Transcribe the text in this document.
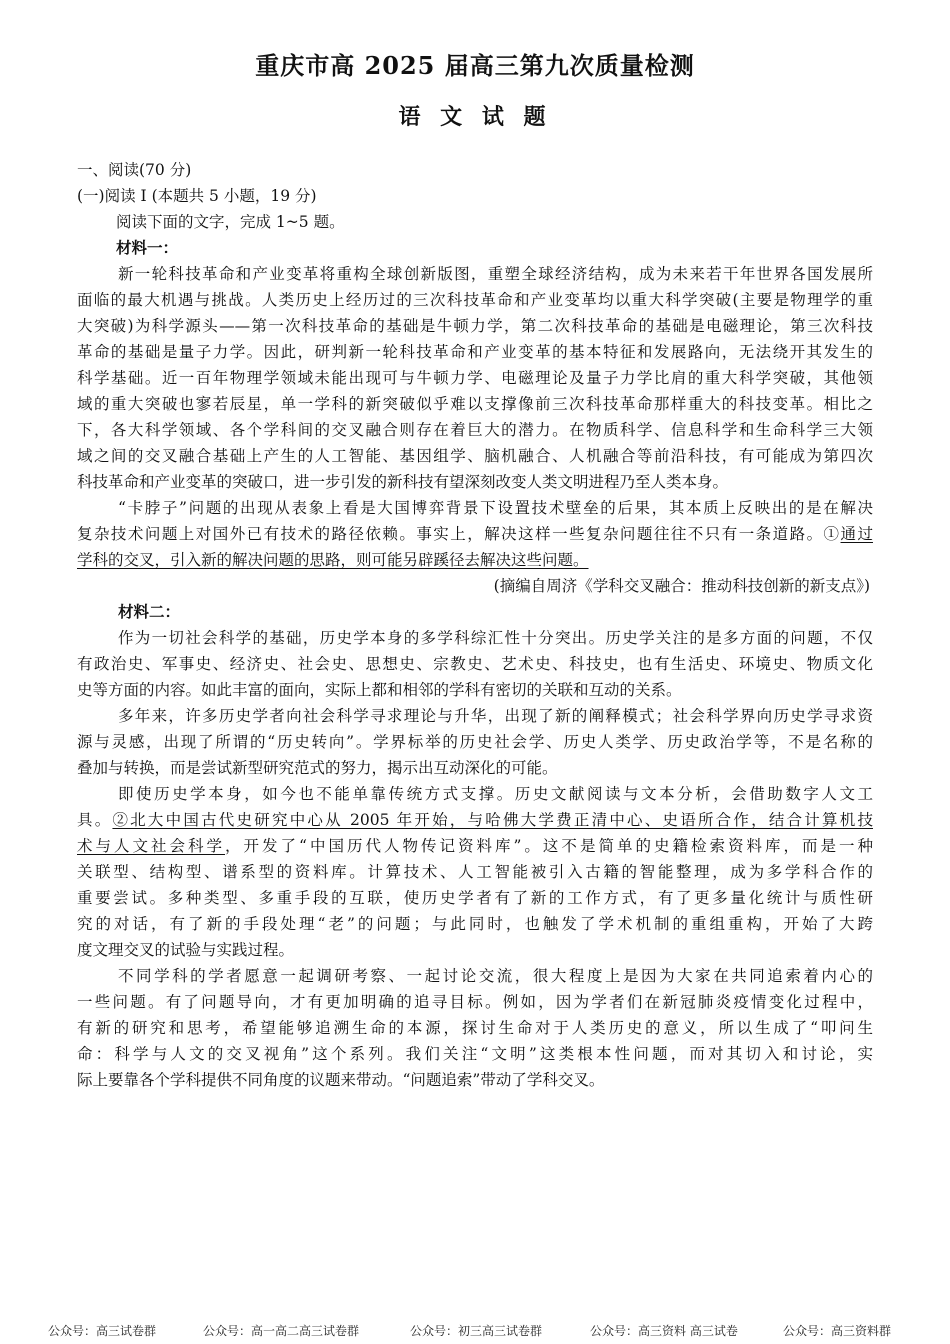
重庆市高 2025 届高三第九次质量检测
语 文 试 题
一、阅读(70 分)
(一)阅读 I (本题共 5 小题，19 分)
阅读下面的文字，完成 1~5 题。
材料一：
新一轮科技革命和产业变革将重构全球创新版图，重塑全球经济结构，成为未来若干年世界各国发展所
面临的最大机遇与挑战。人类历史上经历过的三次科技革命和产业变革均以重大科学突破(主要是物理学的重
大突破)为科学源头——第一次科技革命的基础是牛顿力学，第二次科技革命的基础是电磁理论，第三次科技
革命的基础是量子力学。因此，研判新一轮科技革命和产业变革的基本特征和发展路向，无法绕开其发生的
科学基础。近一百年物理学领域未能出现可与牛顿力学、电磁理论及量子力学比肩的重大科学突破，其他领
域的重大突破也寥若辰星，单一学科的新突破似乎难以支撑像前三次科技革命那样重大的科技变革。相比之
下，各大科学领域、各个学科间的交叉融合则存在着巨大的潜力。在物质科学、信息科学和生命科学三大领
域之间的交叉融合基础上产生的人工智能、基因组学、脑机融合、人机融合等前沿科技，有可能成为第四次
科技革命和产业变革的突破口，进一步引发的新科技有望深刻改变人类文明进程乃至人类本身。
“卡脖子”问题的出现从表象上看是大国博弈背景下设置技术壁垒的后果，其本质上反映出的是在解决
复杂技术问题上对国外已有技术的路径依赖。事实上，解决这样一些复杂问题往往不只有一条道路。①通过
学科的交叉，引入新的解决问题的思路，则可能另辟蹊径去解决这些问题。
(摘编自周济《学科交叉融合：推动科技创新的新支点》)
材料二：
作为一切社会科学的基础，历史学本身的多学科综汇性十分突出。历史学关注的是多方面的问题，不仅
有政治史、军事史、经济史、社会史、思想史、宗教史、艺术史、科技史，也有生活史、环境史、物质文化
史等方面的内容。如此丰富的面向，实际上都和相邻的学科有密切的关联和互动的关系。
多年来，许多历史学者向社会科学寻求理论与升华，出现了新的阐释模式；社会科学界向历史学寻求资
源与灵感，出现了所谓的“历史转向”。学界标举的历史社会学、历史人类学、历史政治学等，不是名称的
叠加与转换，而是尝试新型研究范式的努力，揭示出互动深化的可能。
即使历史学本身，如今也不能单靠传统方式支撑。历史文献阅读与文本分析，会借助数字人文工
具。②北大中国古代史研究中心从 2005 年开始，与哈佛大学费正清中心、史语所合作，结合计算机技
术与人文社会科学，开发了“中国历代人物传记资料库”。这不是简单的史籍检索资料库，而是一种
关联型、结构型、谱系型的资料库。计算技术、人工智能被引入古籍的智能整理，成为多学科合作的
重要尝试。多种类型、多重手段的互联，使历史学者有了新的工作方式，有了更多量化统计与质性研
究的对话，有了新的手段处理“老”的问题；与此同时，也触发了学术机制的重组重构，开始了大跨
度文理交叉的试验与实践过程。
不同学科的学者愿意一起调研考察、一起讨论交流，很大程度上是因为大家在共同追索着内心的
一些问题。有了问题导向，才有更加明确的追寻目标。例如，因为学者们在新冠肺炎疫情变化过程中，
有新的研究和思考，希望能够追溯生命的本源，探讨生命对于人类历史的意义，所以生成了“叩问生
命：科学与人文的交叉视角”这个系列。我们关注“文明”这类根本性问题，而对其切入和讨论，实
际上要靠各个学科提供不同角度的议题来带动。“问题追索”带动了学科交叉。
公众号：高三试卷群	公众号：高一高二高三试卷群	公众号：初三高三试卷群	公众号：高三资料 高三试卷	公众号：高三资料群
